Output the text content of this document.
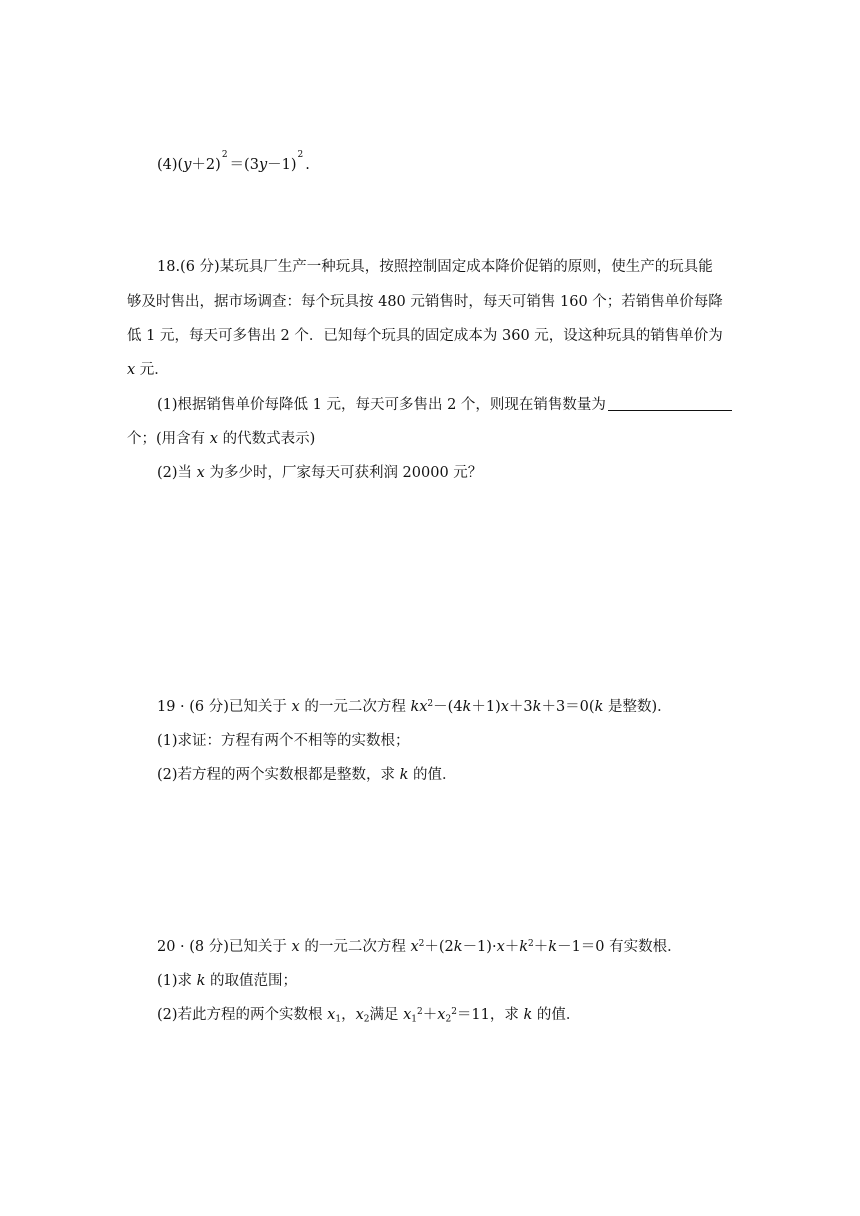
$(4)(y+2)^2=(3y-1)^2$.
18.(6 分)某玩具厂生产一种玩具，按照控制固定成本降价促销的原则，使生产的玩具能
够及时售出，据市场调查：每个玩具按 480 元销售时，每天可销售 160 个；若销售单价每降
低 1 元，每天可多售出 2 个．已知每个玩具的固定成本为 360 元，设这种玩具的销售单价为
x 元．
(1)根据销售单价每降低 1 元，每天可多售出 2 个，则现在销售数量为
个；(用含有 x 的代数式表示)
(2)当 x 为多少时，厂家每天可获利润 20000 元？
19 · (6 分)已知关于 x 的一元二次方程 $kx^2-(4k+1)x+3k+3=0(k$ 是整数)．
(1)求证：方程有两个不相等的实数根；
(2)若方程的两个实数根都是整数，求 k 的值．
20 · (8 分)已知关于 x 的一元二次方程 $x^2+(2k-1)\cdot x+k^2+k-1=0$ 有实数根．
(1)求 k 的取值范围；
(2)若此方程的两个实数根 $x_1$，$x_2$满足 $x_1^2+x_2^2=11$，求 k 的值．
